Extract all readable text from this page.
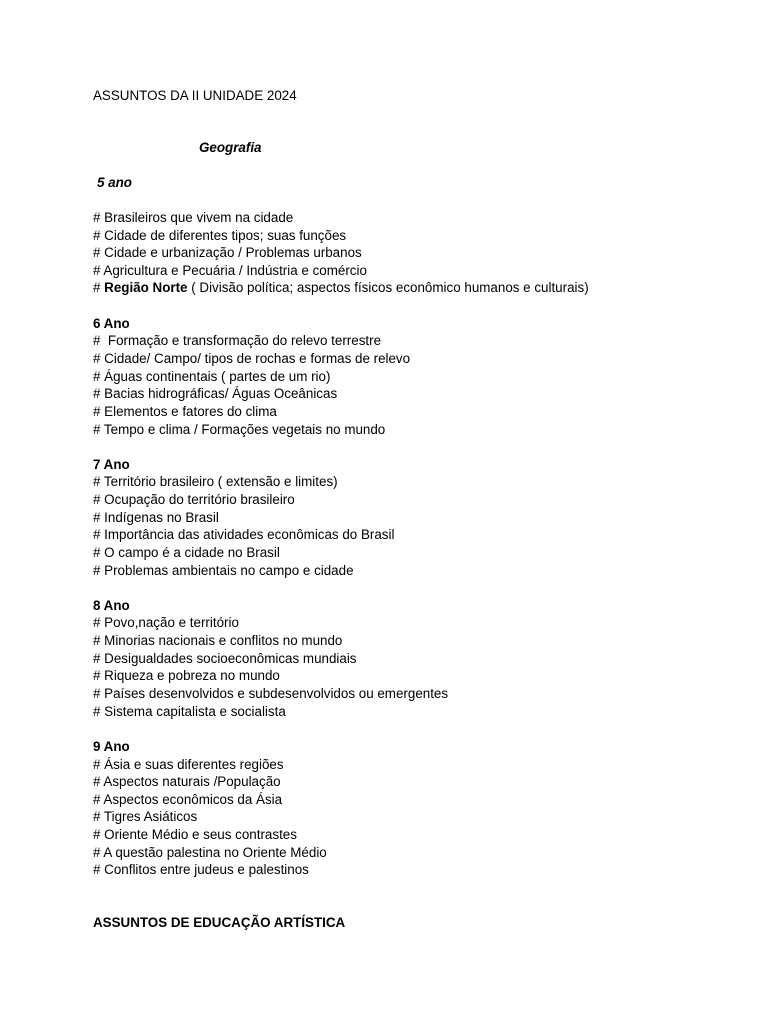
ASSUNTOS DA II UNIDADE 2024
Geografia
5 ano
# Brasileiros que vivem na cidade
# Cidade de diferentes tipos; suas funções
# Cidade e urbanização / Problemas urbanos
# Agricultura e Pecuária / Indústria e comércio
# Região Norte ( Divisão política; aspectos físicos econômico humanos e culturais)
6 Ano
#  Formação e transformação do relevo terrestre
# Cidade/ Campo/ tipos de rochas e formas de relevo
# Águas continentais ( partes de um rio)
# Bacias hidrográficas/ Águas Oceânicas
# Elementos e fatores do clima
# Tempo e clima / Formações vegetais no mundo
7 Ano
# Território brasileiro ( extensão e limites)
# Ocupação do território brasileiro
# Indígenas no Brasil
# Importância das atividades econômicas do Brasil
# O campo é a cidade no Brasil
# Problemas ambientais no campo e cidade
8 Ano
# Povo,nação e território
# Minorias nacionais e conflitos no mundo
# Desigualdades socioeconômicas mundiais
# Riqueza e pobreza no mundo
# Países desenvolvidos e subdesenvolvidos ou emergentes
# Sistema capitalista e socialista
9 Ano
# Ásia e suas diferentes regiões
# Aspectos naturais /População
# Aspectos econômicos da Ásia
# Tigres Asiáticos
# Oriente Médio e seus contrastes
# A questão palestina no Oriente Médio
# Conflitos entre judeus e palestinos
ASSUNTOS DE EDUCAÇÃO ARTÍSTICA
